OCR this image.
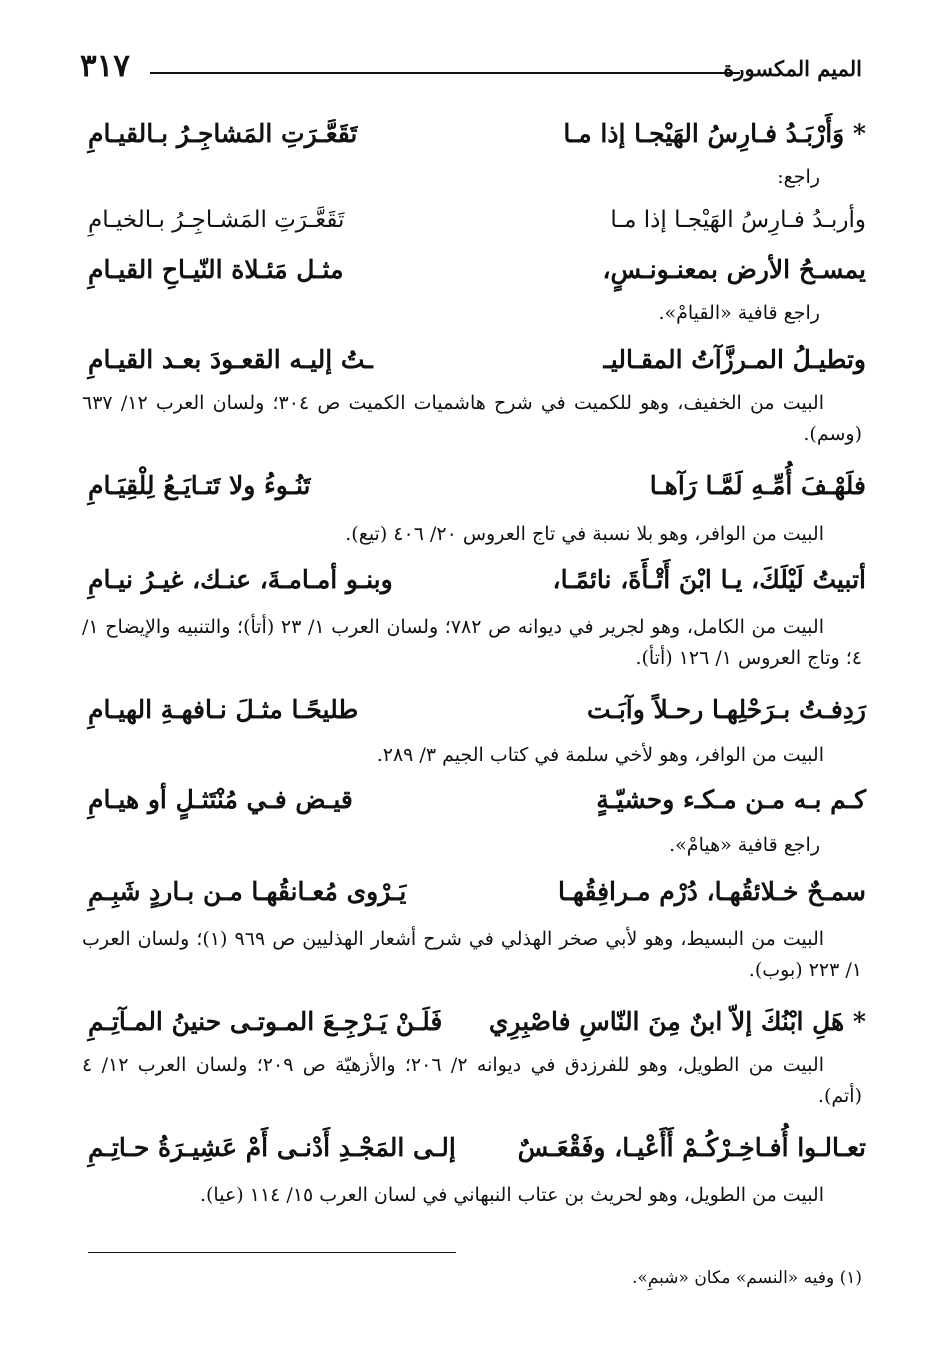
الميم المكسورة
٣١٧
* وَأَرْبَـدُ فـارِسُ الهَيْجـا إذا مـا
تَقَعَّـرَتِ المَشاجِـرُ بـالقيـامِ
راجع:
وأربـدُ فـارِسُ الهَيْجـا إذا مـا
تَقَعَّـرَتِ المَشـاجِـرُ بـالخيـامِ
يمسـحُ الأرض بمعنـونـسٍ،
مثـل مَئـلاة النّيـاحِ القيـامِ
راجع قافية «القيامْ».
وتطيـلُ المـرزَّآتُ المقـاليـ
ـتُ إليـه القعـودَ بعـد القيـامِ
البيت من الخفيف، وهو للكميت في شرح هاشميات الكميت ص ٣٠٤؛ ولسان العرب ١٢/ ٦٣٧ (وسم).
فلَهْـفَ أُمِّـهِ لَمَّـا رَآهـا
تَنُـوءُ ولا تَتـايَـعُ لِلْقِيَـامِ
البيت من الوافر، وهو بلا نسبة في تاج العروس ٢٠/ ٤٠٦ (تيع).
أتبيتُ لَيْلَكَ، يـا ابْنَ أَتْـأَةَ، نائمًـا،
وبنـو أمـامـةَ، عنـك، غيـرُ نيـامِ
البيت من الكامل، وهو لجرير في ديوانه ص ٧٨٢؛ ولسان العرب ١/ ٢٣ (أتأ)؛ والتنبيه والإيضاح ١/ ٤؛ وتاج العروس ١/ ١٢٦ (أتأ).
رَدِفـتُ بـرَحْلِهـا رحـلاً وآبَـت
طليحًـا مثـلَ نـافهـةِ الهيـامِ
البيت من الوافر، وهو لأخي سلمة في كتاب الجيم ٣/ ٢٨٩.
كـم بـه مـن مـكـء وحشيّـةٍ
قيـض فـي مُنْتَثـلٍ أو هيـامِ
راجع قافية «هيامْ».
سمـحٌ خـلائقُهـا، دُرْم مـرافِقُهـا
يَـرْوى مُعـانقُهـا مـن بـاردٍ شَبِـمِ
البيت من البسيط، وهو لأبي صخر الهذلي في شرح أشعار الهذليين ص ٩٦٩ (١)؛ ولسان العرب ١/ ٢٢٣ (بوب).
* هَلِ ابْنُكَ إلاّ ابنٌ مِنَ النّاسِ فاصْبِرِي
فَلَـنْ يَـرْجِـعَ المـوتـى حنينُ المـآتِـمِ
البيت من الطويل، وهو للفرزدق في ديوانه ٢/ ٢٠٦؛ والأزهيّة ص ٢٠٩؛ ولسان العرب ١٢/ ٤ (أتم).
تعـالـوا أُفـاخِـرْكُـمْ أَأَعْيـا، وفَقْعَـسٌ
إلـى المَجْـدِ أَدْنـى أَمْ عَشِيـرَةُ حـاتِـمِ
البيت من الطويل، وهو لحريث بن عتاب النبهاني في لسان العرب ١٥/ ١١٤ (عيا).
(١) وفيه «النسم» مكان «شبمِ».
